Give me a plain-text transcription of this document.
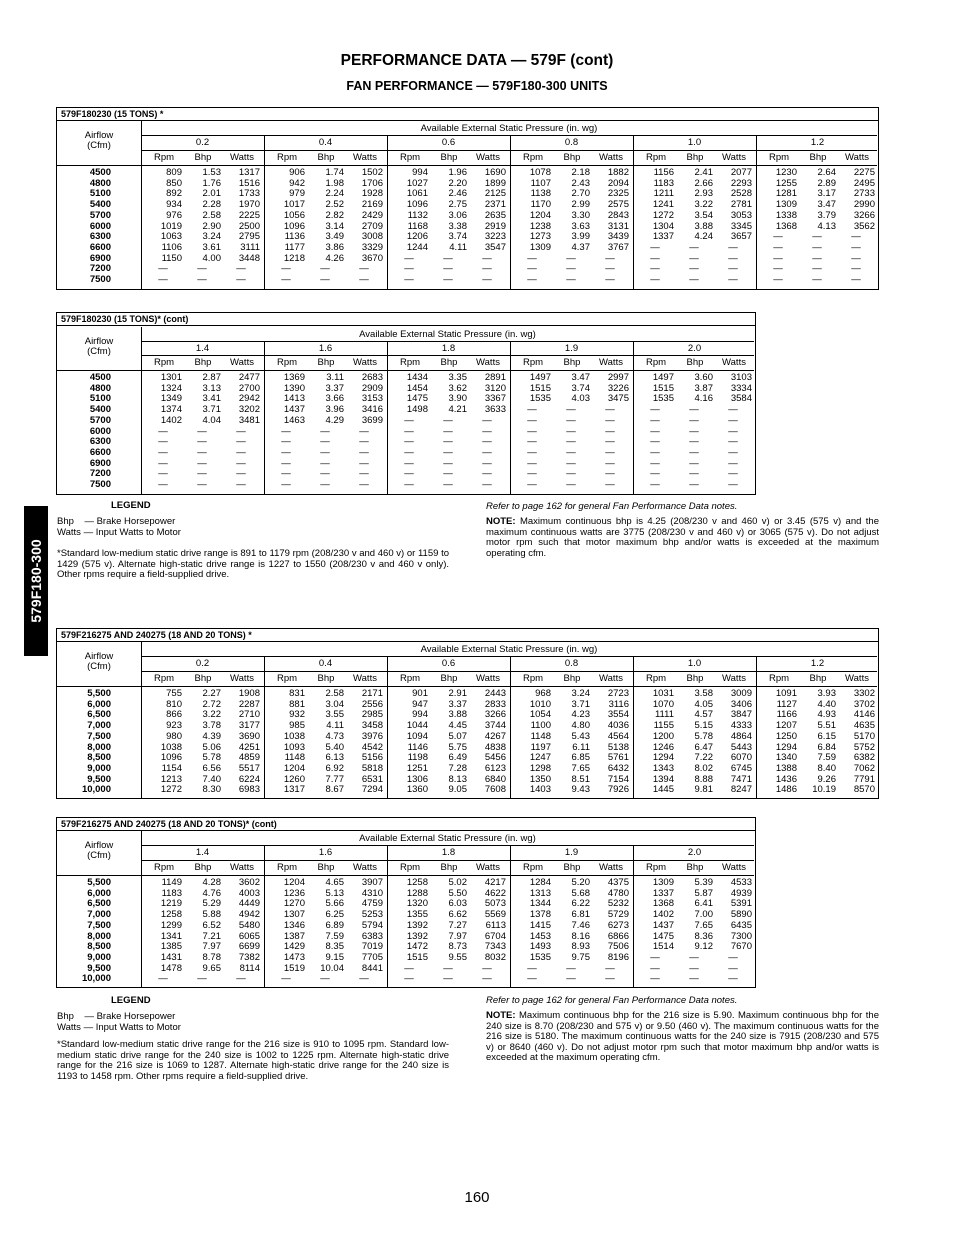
PERFORMANCE DATA — 579F (cont)
FAN PERFORMANCE — 579F180-300 UNITS
579F180-300
579F180230 (15 TONS) *
Airflow
(Cfm)
Available External Static Pressure (in. wg)
0.2
Rpm
809
850
892
934
976
1019
1063
1106
1150
—
—
Bhp
1.53
1.76
2.01
2.28
2.58
2.90
3.24
3.61
4.00
—
—
Watts
1317
1516
1733
1970
2225
2500
2795
3111
3448
—
—
0.4
Rpm
906
942
979
1017
1056
1096
1136
1177
1218
—
—
Bhp
1.74
1.98
2.24
2.52
2.82
3.14
3.49
3.86
4.26
—
—
Watts
1502
1706
1928
2169
2429
2709
3008
3329
3670
—
—
0.6
Rpm
994
1027
1061
1096
1132
1168
1206
1244
—
—
—
Bhp
1.96
2.20
2.46
2.75
3.06
3.38
3.74
4.11
—
—
—
Watts
1690
1899
2125
2371
2635
2919
3223
3547
—
—
—
0.8
Rpm
1078
1107
1138
1170
1204
1238
1273
1309
—
—
—
Bhp
2.18
2.43
2.70
2.99
3.30
3.63
3.99
4.37
—
—
—
Watts
1882
2094
2325
2575
2843
3131
3439
3767
—
—
—
1.0
Rpm
1156
1183
1211
1241
1272
1304
1337
—
—
—
—
Bhp
2.41
2.66
2.93
3.22
3.54
3.88
4.24
—
—
—
—
Watts
2077
2293
2528
2781
3053
3345
3657
—
—
—
—
1.2
Rpm
1230
1255
1281
1309
1338
1368
—
—
—
—
—
Bhp
2.64
2.89
3.17
3.47
3.79
4.13
—
—
—
—
—
Watts
2275
2495
2733
2990
3266
3562
—
—
—
—
—
4500
4800
5100
5400
5700
6000
6300
6600
6900
7200
7500
579F180230 (15 TONS)* (cont)
Airflow
(Cfm)
Available External Static Pressure (in. wg)
1.4
Rpm
1301
1324
1349
1374
1402
—
—
—
—
—
—
Bhp
2.87
3.13
3.41
3.71
4.04
—
—
—
—
—
—
Watts
2477
2700
2942
3202
3481
—
—
—
—
—
—
1.6
Rpm
1369
1390
1413
1437
1463
—
—
—
—
—
—
Bhp
3.11
3.37
3.66
3.96
4.29
—
—
—
—
—
—
Watts
2683
2909
3153
3416
3699
—
—
—
—
—
—
1.8
Rpm
1434
1454
1475
1498
—
—
—
—
—
—
—
Bhp
3.35
3.62
3.90
4.21
—
—
—
—
—
—
—
Watts
2891
3120
3367
3633
—
—
—
—
—
—
—
1.9
Rpm
1497
1515
1535
—
—
—
—
—
—
—
—
Bhp
3.47
3.74
4.03
—
—
—
—
—
—
—
—
Watts
2997
3226
3475
—
—
—
—
—
—
—
—
2.0
Rpm
1497
1515
1535
—
—
—
—
—
—
—
—
Bhp
3.60
3.87
4.16
—
—
—
—
—
—
—
—
Watts
3103
3334
3584
—
—
—
—
—
—
—
—
4500
4800
5100
5400
5700
6000
6300
6600
6900
7200
7500
LEGEND
Bhp    — Brake Horsepower
Watts — Input Watts to Motor
*Standard low-medium static drive range is 891 to 1179 rpm (208/230 v and 460 v) or 1159 to 1429 (575 v). Alternate high-static drive range is 1227 to 1550 (208/230 v and 460 v only). Other rpms require a field-supplied drive.
Refer to page 162 for general Fan Performance Data notes.
NOTE: Maximum continuous bhp is 4.25 (208/230 v and 460 v) or 3.45 (575 v) and the maximum continuous watts are 3775 (208/230 v and 460 v) or 3065 (575 v). Do not adjust motor rpm such that motor maximum bhp and/or watts is exceeded at the maximum operating cfm.
579F216275 AND 240275 (18 AND 20 TONS) *
Airflow
(Cfm)
Available External Static Pressure (in. wg)
0.2
Rpm
755
810
866
923
980
1038
1096
1154
1213
1272
Bhp
2.27
2.72
3.22
3.78
4.39
5.06
5.78
6.56
7.40
8.30
Watts
1908
2287
2710
3177
3690
4251
4859
5517
6224
6983
0.4
Rpm
831
881
932
985
1038
1093
1148
1204
1260
1317
Bhp
2.58
3.04
3.55
4.11
4.73
5.40
6.13
6.92
7.77
8.67
Watts
2171
2556
2985
3458
3976
4542
5156
5818
6531
7294
0.6
Rpm
901
947
994
1044
1094
1146
1198
1251
1306
1360
Bhp
2.91
3.37
3.88
4.45
5.07
5.75
6.49
7.28
8.13
9.05
Watts
2443
2833
3266
3744
4267
4838
5456
6123
6840
7608
0.8
Rpm
968
1010
1054
1100
1148
1197
1247
1298
1350
1403
Bhp
3.24
3.71
4.23
4.80
5.43
6.11
6.85
7.65
8.51
9.43
Watts
2723
3116
3554
4036
4564
5138
5761
6432
7154
7926
1.0
Rpm
1031
1070
1111
1155
1200
1246
1294
1343
1394
1445
Bhp
3.58
4.05
4.57
5.15
5.78
6.47
7.22
8.02
8.88
9.81
Watts
3009
3406
3847
4333
4864
5443
6070
6745
7471
8247
1.2
Rpm
1091
1127
1166
1207
1250
1294
1340
1388
1436
1486
Bhp
3.93
4.40
4.93
5.51
6.15
6.84
7.59
8.40
9.26
10.19
Watts
3302
3702
4146
4635
5170
5752
6382
7062
7791
8570
5,500
6,000
6,500
7,000
7,500
8,000
8,500
9,000
9,500
10,000
579F216275 AND 240275 (18 AND 20 TONS)* (cont)
Airflow
(Cfm)
Available External Static Pressure (in. wg)
1.4
Rpm
1149
1183
1219
1258
1299
1341
1385
1431
1478
—
Bhp
4.28
4.76
5.29
5.88
6.52
7.21
7.97
8.78
9.65
—
Watts
3602
4003
4449
4942
5480
6065
6699
7382
8114
—
1.6
Rpm
1204
1236
1270
1307
1346
1387
1429
1473
1519
—
Bhp
4.65
5.13
5.66
6.25
6.89
7.59
8.35
9.15
10.04
—
Watts
3907
4310
4759
5253
5794
6383
7019
7705
8441
—
1.8
Rpm
1258
1288
1320
1355
1392
1392
1472
1515
—
—
Bhp
5.02
5.50
6.03
6.62
7.27
7.97
8.73
9.55
—
—
Watts
4217
4622
5073
5569
6113
6704
7343
8032
—
—
1.9
Rpm
1284
1313
1344
1378
1415
1453
1493
1535
—
—
Bhp
5.20
5.68
6.22
6.81
7.46
8.16
8.93
9.75
—
—
Watts
4375
4780
5232
5729
6273
6866
7506
8196
—
—
2.0
Rpm
1309
1337
1368
1402
1437
1475
1514
—
—
—
Bhp
5.39
5.87
6.41
7.00
7.65
8.36
9.12
—
—
—
Watts
4533
4939
5391
5890
6435
7300
7670
—
—
—
5,500
6,000
6,500
7,000
7,500
8,000
8,500
9,000
9,500
10,000
LEGEND
Bhp    — Brake Horsepower
Watts — Input Watts to Motor
*Standard low-medium static drive range for the 216 size is 910 to 1095 rpm. Standard low-medium static drive range for the 240 size is 1002 to 1225 rpm. Alternate high-static drive range for the 216 size is 1069 to 1287. Alternate high-static drive range for the 240 size is 1193 to 1458 rpm. Other rpms require a field-supplied drive.
Refer to page 162 for general Fan Performance Data notes.
NOTE: Maximum continuous bhp for the 216 size is 5.90. Maximum continuous bhp for the 240 size is 8.70 (208/230 and 575 v) or 9.50 (460 v). The maximum continuous watts for the 216 size is 5180. The maximum continuous watts for the 240 size is 7915 (208/230 and 575 v) or 8640 (460 v). Do not adjust motor rpm such that motor maximum bhp and/or watts is exceeded at the maximum operating cfm.
160
